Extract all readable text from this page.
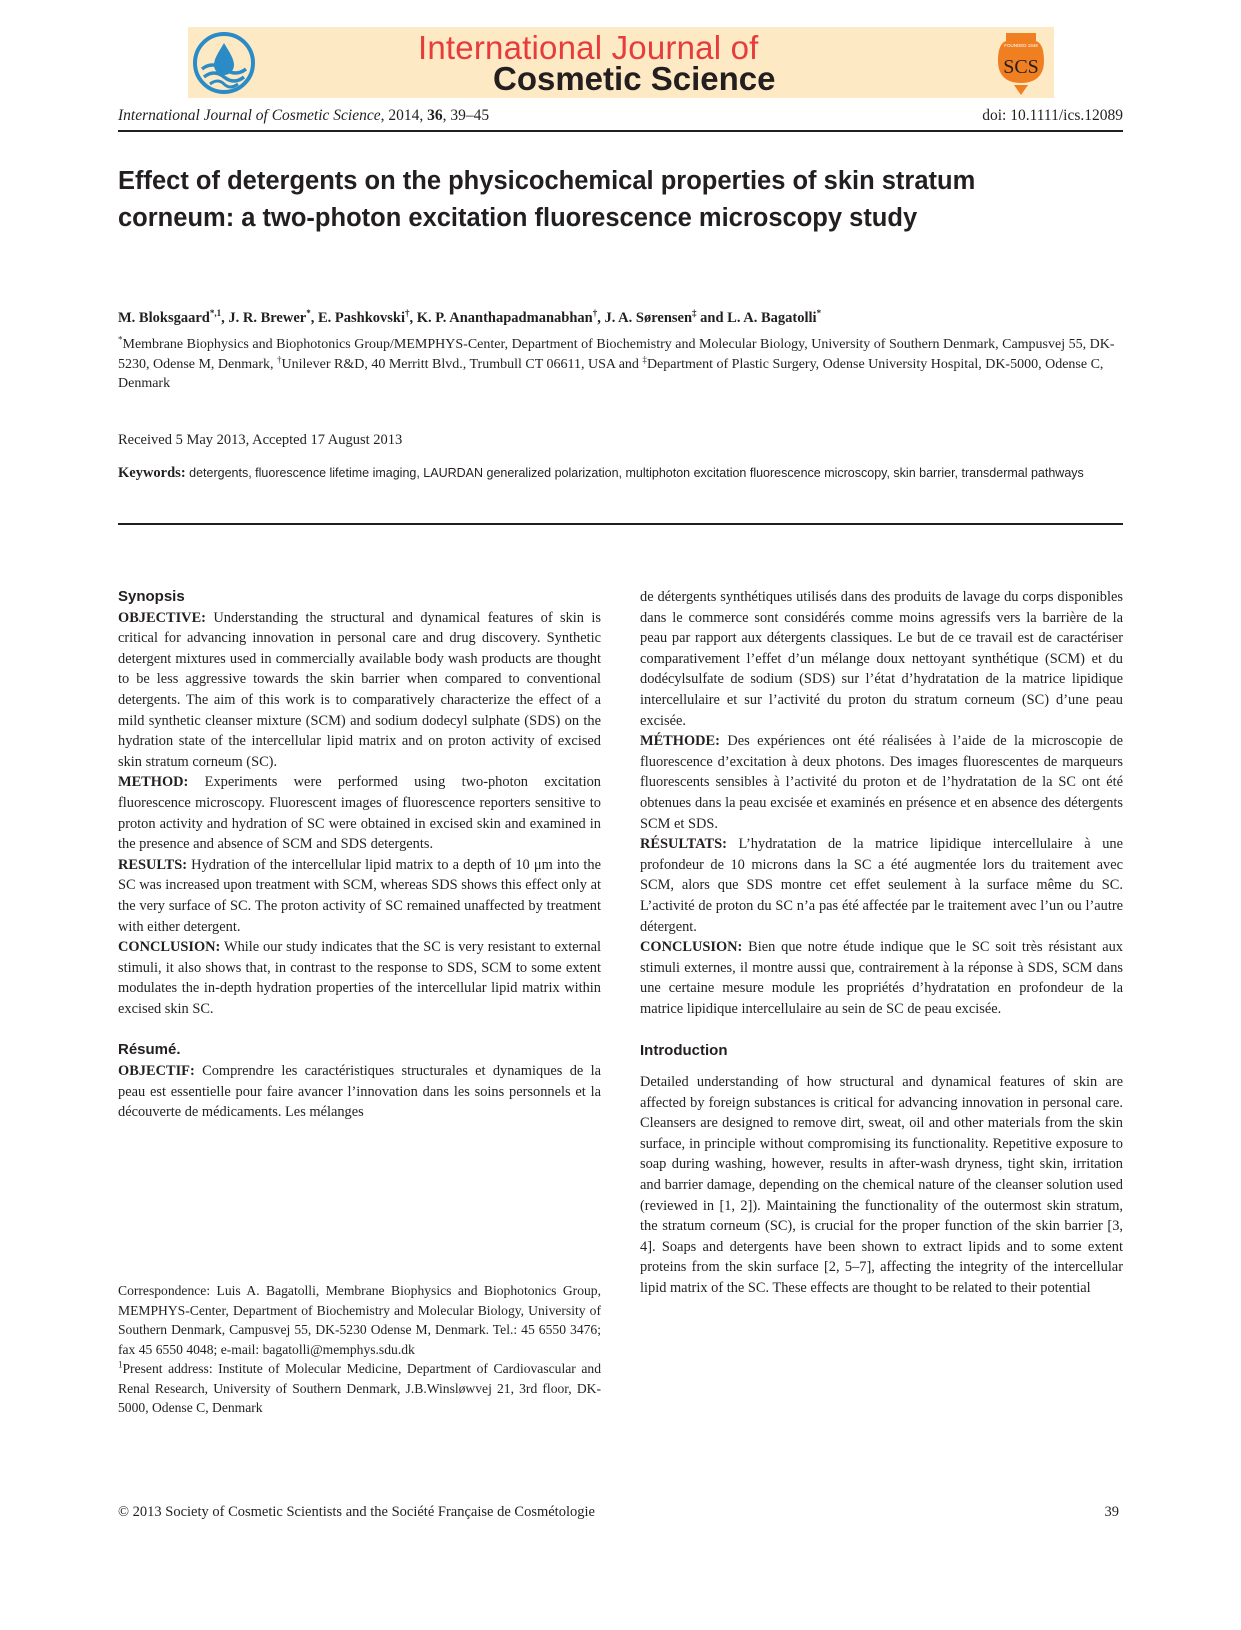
International Journal of
Cosmetic Science
FOUNDED 1948
SCS
International Journal of Cosmetic Science, 2014, 36, 39–45	doi: 10.1111/ics.12089
Effect of detergents on the physicochemical properties of skin stratum corneum: a two-photon excitation fluorescence microscopy study
M. Bloksgaard$^{*,1}$, J. R. Brewer*, E. Pashkovski†, K. P. Ananthapadmanabhan†, J. A. Sørensen‡ and L. A. Bagatolli*
*Membrane Biophysics and Biophotonics Group/MEMPHYS-Center, Department of Biochemistry and Molecular Biology, University of Southern Denmark, Campusvej 55, DK-5230, Odense M, Denmark, †Unilever R&D, 40 Merritt Blvd., Trumbull CT 06611, USA and ‡Department of Plastic Surgery, Odense University Hospital, DK-5000, Odense C, Denmark
Received 5 May 2013, Accepted 17 August 2013
Keywords: detergents, fluorescence lifetime imaging, LAURDAN generalized polarization, multiphoton excitation fluorescence microscopy, skin barrier, transdermal pathways

Synopsis

OBJECTIVE: Understanding the structural and dynamical features of skin is critical for advancing innovation in personal care and drug discovery. Synthetic detergent mixtures used in commercially available body wash products are thought to be less aggressive towards the skin barrier when compared to conventional detergents. The aim of this work is to comparatively characterize the effect of a mild synthetic cleanser mixture (SCM) and sodium dodecyl sulphate (SDS) on the hydration state of the intercellular lipid matrix and on proton activity of excised skin stratum corneum (SC).

METHOD: Experiments were performed using two-photon excitation fluorescence microscopy. Fluorescent images of fluorescence reporters sensitive to proton activity and hydration of SC were obtained in excised skin and examined in the presence and absence of SCM and SDS detergents.

RESULTS: Hydration of the intercellular lipid matrix to a depth of 10 μm into the SC was increased upon treatment with SCM, whereas SDS shows this effect only at the very surface of SC. The proton activity of SC remained unaffected by treatment with either detergent.

CONCLUSION: While our study indicates that the SC is very resistant to external stimuli, it also shows that, in contrast to the response to SDS, SCM to some extent modulates the in-depth hydration properties of the intercellular lipid matrix within excised skin SC.

Résumé.

OBJECTIF: Comprendre les caractéristiques structurales et dynamiques de la peau est essentielle pour faire avancer l’innovation dans les soins personnels et la découverte de médicaments. Les mélanges

Correspondence: Luis A. Bagatolli, Membrane Biophysics and Biophotonics Group, MEMPHYS-Center, Department of Biochemistry and Molecular Biology, University of Southern Denmark, Campusvej 55, DK-5230 Odense M, Denmark. Tel.: 45 6550 3476; fax 45 6550 4048; e-mail: bagatolli@memphys.sdu.dk

$^1$Present address: Institute of Molecular Medicine, Department of Cardiovascular and Renal Research, University of Southern Denmark, J.B.Winsløwvej 21, 3rd floor, DK-5000, Odense C, Denmark

de détergents synthétiques utilisés dans des produits de lavage du corps disponibles dans le commerce sont considérés comme moins agressifs vers la barrière de la peau par rapport aux détergents classiques. Le but de ce travail est de caractériser comparativement l’effet d’un mélange doux nettoyant synthétique (SCM) et du dodécylsulfate de sodium (SDS) sur l’état d’hydratation de la matrice lipidique intercellulaire et sur l’activité du proton du stratum corneum (SC) d’une peau excisée.

MÉTHODE: Des expériences ont été réalisées à l’aide de la microscopie de fluorescence d’excitation à deux photons. Des images fluorescentes de marqueurs fluorescents sensibles à l’activité du proton et de l’hydratation de la SC ont été obtenues dans la peau excisée et examinés en présence et en absence des détergents SCM et SDS.

RÉSULTATS: L’hydratation de la matrice lipidique intercellulaire à une profondeur de 10 microns dans la SC a été augmentée lors du traitement avec SCM, alors que SDS montre cet effet seulement à la surface même du SC. L’activité de proton du SC n’a pas été affectée par le traitement avec l’un ou l’autre détergent.

CONCLUSION: Bien que notre étude indique que le SC soit très résistant aux stimuli externes, il montre aussi que, contrairement à la réponse à SDS, SCM dans une certaine mesure module les propriétés d’hydratation en profondeur de la matrice lipidique intercellulaire au sein de SC de peau excisée.

Introduction

Detailed understanding of how structural and dynamical features of skin are affected by foreign substances is critical for advancing innovation in personal care. Cleansers are designed to remove dirt, sweat, oil and other materials from the skin surface, in principle without compromising its functionality. Repetitive exposure to soap during washing, however, results in after-wash dryness, tight skin, irritation and barrier damage, depending on the chemical nature of the cleanser solution used (reviewed in [1, 2]). Maintaining the functionality of the outermost skin stratum, the stratum corneum (SC), is crucial for the proper function of the skin barrier [3, 4]. Soaps and detergents have been shown to extract lipids and to some extent proteins from the skin surface [2, 5–7], affecting the integrity of the intercellular lipid matrix of the SC. These effects are thought to be related to their potential

© 2013 Society of Cosmetic Scientists and the Société Française de Cosmétologie	39
